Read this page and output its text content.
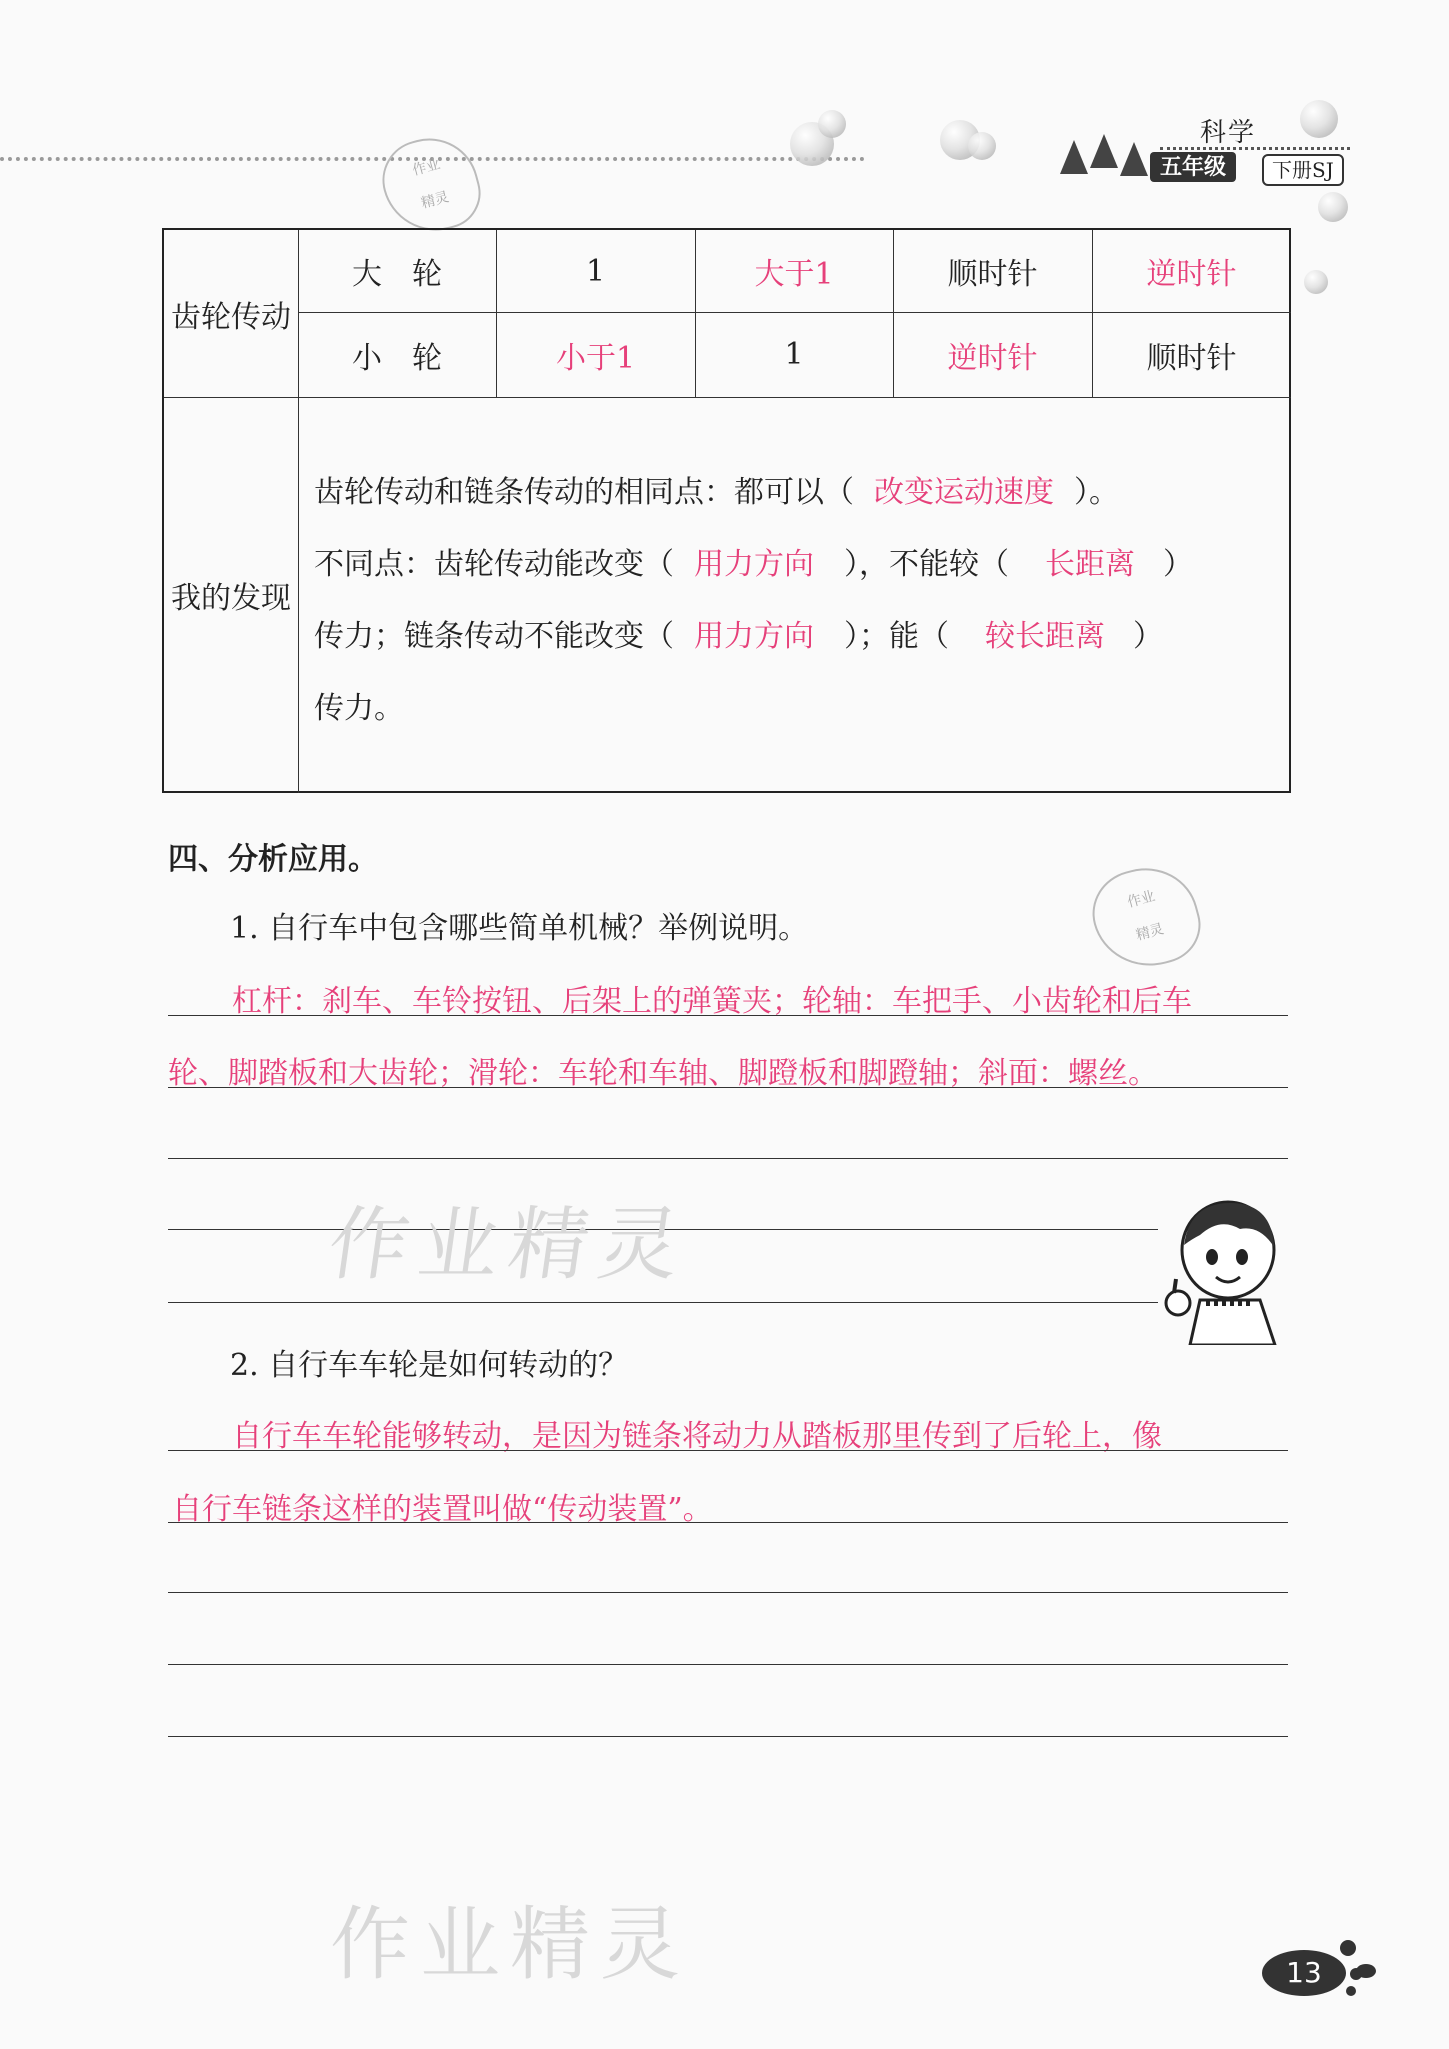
科学
五年级	下册SJ
作业
精灵
作业
精灵
齿轮传动
大　轮	1	大于1	顺时针	逆时针
小　轮	小于1	1	逆时针	顺时针
我的发现
齿轮传动和链条传动的相同点：都可以（ 改变运动速度 ）。
不同点：齿轮传动能改变（ 用力方向 ），不能较（ 长距离 ）
传力；链条传动不能改变（ 用力方向 ）；能（ 较长距离 ）
传力。
四、分析应用。
1. 自行车中包含哪些简单机械？举例说明。
杠杆：刹车、车铃按钮、后架上的弹簧夹；轮轴：车把手、小齿轮和后车
轮、脚踏板和大齿轮；滑轮：车轮和车轴、脚蹬板和脚蹬轴；斜面：螺丝。
2. 自行车车轮是如何转动的？
自行车车轮能够转动，是因为链条将动力从踏板那里传到了后轮上，像
自行车链条这样的装置叫做“传动装置”。
作业精灵
作业精灵	13
